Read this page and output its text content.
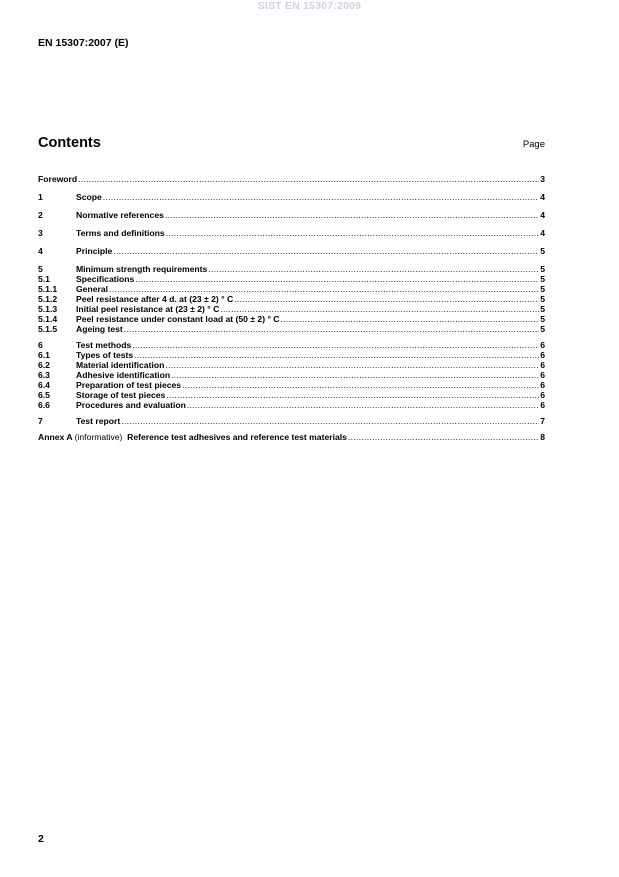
SIST EN 15307:2009
EN 15307:2007 (E)
Contents	Page
Foreword .....	3
1	Scope .....	4
2	Normative references .....	4
3	Terms and definitions .....	4
4	Principle .....	5
5	Minimum strength requirements .....	5
5.1	Specifications .....	5
5.1.1	General .....	5
5.1.2	Peel resistance after 4 d. at (23 ± 2) ° C .....	5
5.1.3	Initial peel resistance at (23 ± 2) ° C .....	5
5.1.4	Peel resistance under constant load at (50 ± 2) ° C .....	5
5.1.5	Ageing test .....	5
6	Test methods .....	6
6.1	Types of tests .....	6
6.2	Material identification .....	6
6.3	Adhesive identification .....	6
6.4	Preparation of test pieces .....	6
6.5	Storage of test pieces .....	6
6.6	Procedures and evaluation .....	6
7	Test report .....	7
Annex A (informative) Reference test adhesives and reference test materials .....	8
2
